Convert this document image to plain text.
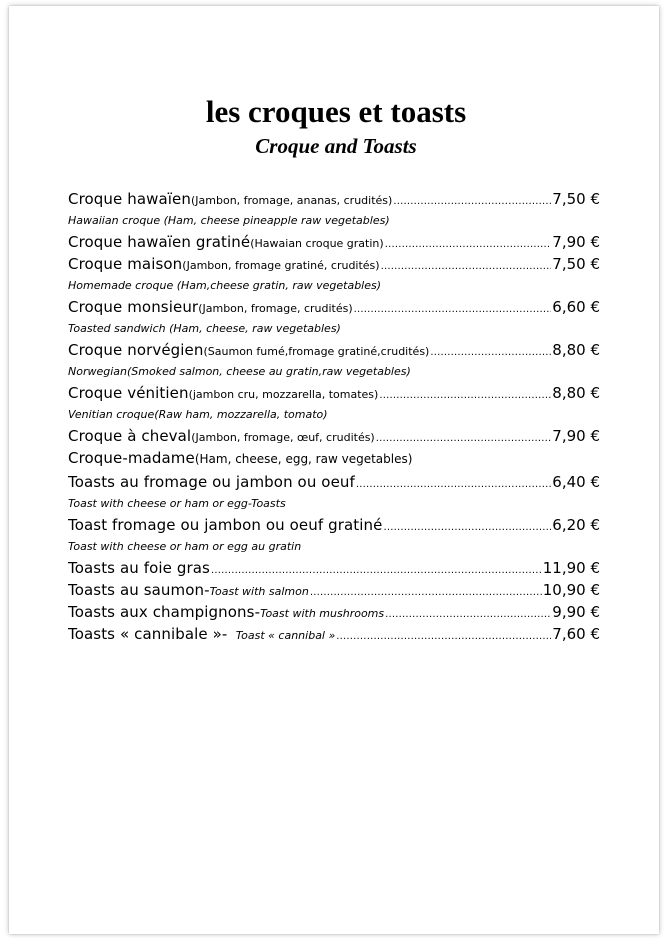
les croques et toasts
Croque and Toasts
Croque hawaïen (Jambon, fromage, ananas, crudités) .....	7,50 €
Hawaiian croque (Ham, cheese pineapple raw vegetables)
Croque hawaïen gratiné (Hawaian croque gratin) .....	7,90 €
Croque maison (Jambon, fromage gratiné, crudités) .....	7,50 €
Homemade croque (Ham,cheese gratin, raw vegetables)
Croque monsieur (Jambon, fromage, crudités) .....	6,60 €
Toasted sandwich (Ham, cheese, raw vegetables)
Croque norvégien (Saumon fumé,fromage gratiné,crudités) .....	8,80 €
Norwegian(Smoked salmon, cheese au gratin,raw vegetables)
Croque vénitien (jambon cru, mozzarella, tomates) .....	8,80 €
Venitian croque(Raw ham, mozzarella, tomato)
Croque à cheval (Jambon, fromage, œuf, crudités) .....	7,90 €
Croque-madame (Ham, cheese, egg, raw vegetables)
Toasts au fromage ou jambon ou oeuf .....	6,40 €
Toast with cheese or ham or egg-Toasts
Toast fromage ou jambon ou oeuf gratiné .....	6,20 €
Toast with cheese or ham or egg au gratin
Toasts au foie gras .....	11,90 €
Toasts au saumon- Toast with salmon .....	10,90 €
Toasts aux champignons- Toast with mushrooms .....	9,90 €
Toasts « cannibale »- Toast « cannibal » .....	7,60 €
